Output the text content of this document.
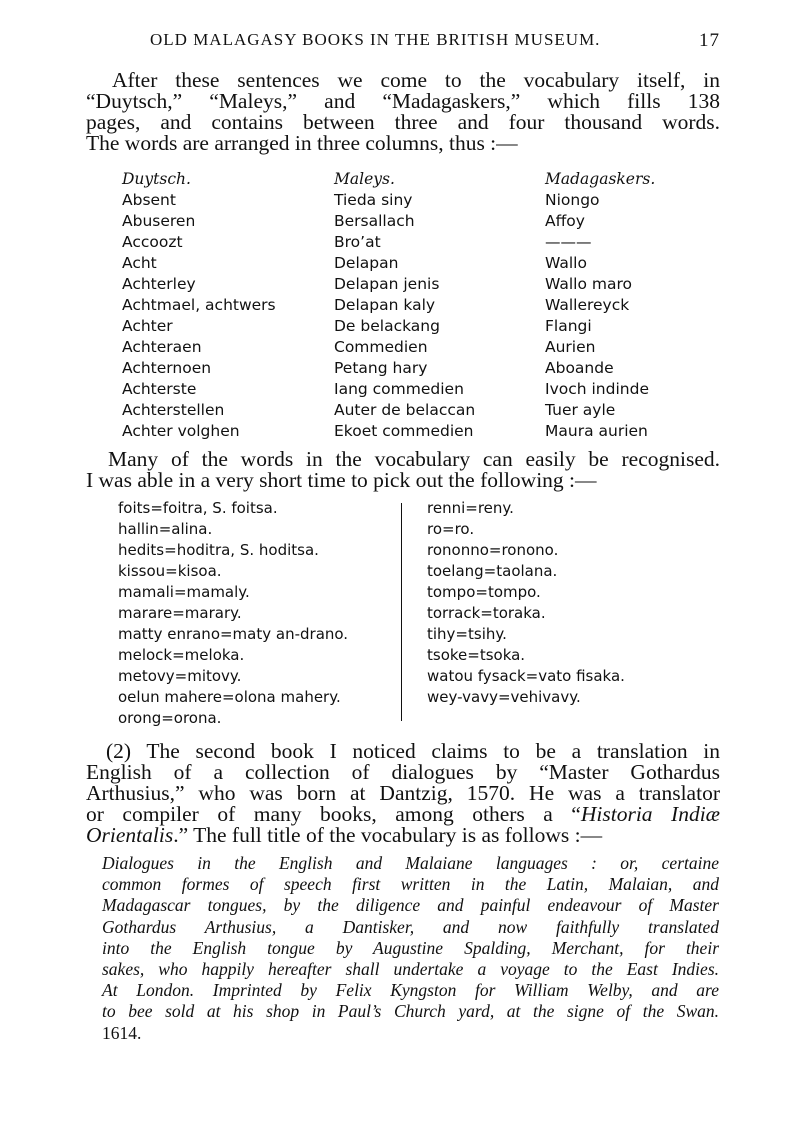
OLD MALAGASY BOOKS IN THE BRITISH MUSEUM.	17
After these sentences we come to the vocabulary itself, in
“Duytsch,” “Maleys,” and “Madagaskers,” which fills 138
pages, and contains between three and four thousand words.
The words are arranged in three columns, thus :—
Duytsch.	Maleys.	Madagaskers.
Absent	Tieda siny	Niongo
Abuseren	Bersallach	Affoy
Accoozt	Bro’at	———
Acht	Delapan	Wallo
Achterley	Delapan jenis	Wallo maro
Achtmael, achtwers	Delapan kaly	Wallereyck
Achter	De belackang	Flangi
Achteraen	Commedien	Aurien
Achternoen	Petang hary	Aboande
Achterste	Iang commedien	Ivoch indinde
Achterstellen	Auter de belaccan	Tuer ayle
Achter volghen	Ekoet commedien	Maura aurien
Many of the words in the vocabulary can easily be recognised.
I was able in a very short time to pick out the following :—
foits=foitra, S. foitsa.
hallin=alina.
hedits=hoditra, S. hoditsa.
kissou=kisoa.
mamali=mamaly.
marare=marary.
matty enrano=maty an-drano.
melock=meloka.
metovy=mitovy.
oelun mahere=olona mahery.
orong=orona.
renni=reny.
ro=ro.
rononno=ronono.
toelang=taolana.
tompo=tompo.
torrack=toraka.
tihy=tsihy.
tsoke=tsoka.
watou fysack=vato fisaka.
wey-vavy=vehivavy.
(2) The second book I noticed claims to be a translation in
English of a collection of dialogues by “Master Gothardus
Arthusius,” who was born at Dantzig, 1570. He was a translator
or compiler of many books, among others a “Historia Indiæ
Orientalis.” The full title of the vocabulary is as follows :—
Dialogues in the English and Malaiane languages : or, certaine
common formes of speech first written in the Latin, Malaian, and
Madagascar tongues, by the diligence and painful endeavour of Master
Gothardus Arthusius, a Dantisker, and now faithfully translated
into the English tongue by Augustine Spalding, Merchant, for their
sakes, who happily hereafter shall undertake a voyage to the East Indies.
At London. Imprinted by Felix Kyngston for William Welby, and are
to bee sold at his shop in Paul’s Church yard, at the signe of the Swan.
1614.
